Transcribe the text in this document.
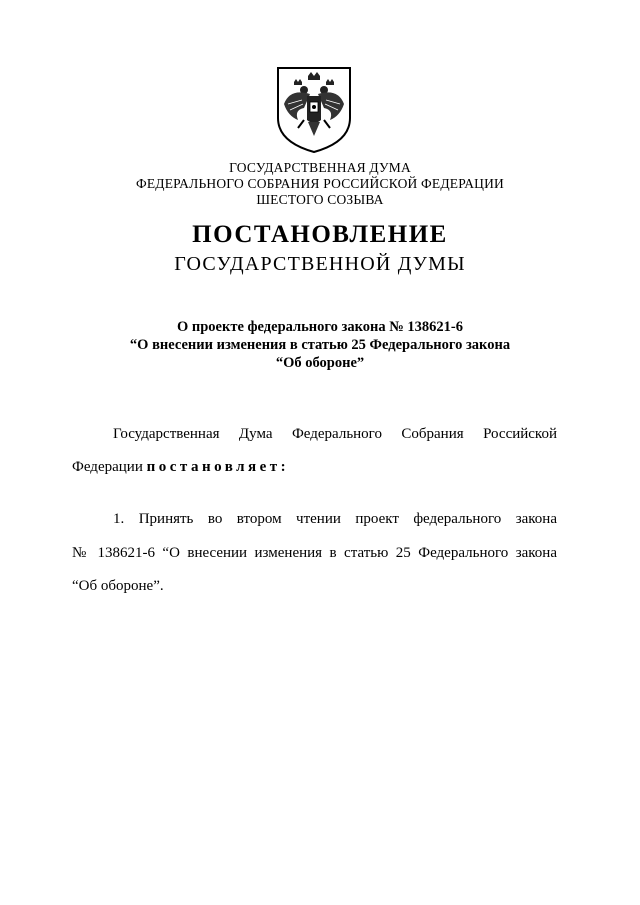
ГОСУДАРСТВЕННАЯ ДУМА
ФЕДЕРАЛЬНОГО СОБРАНИЯ РОССИЙСКОЙ ФЕДЕРАЦИИ
ШЕСТОГО СОЗЫВА
ПОСТАНОВЛЕНИЕ
ГОСУДАРСТВЕННОЙ ДУМЫ
О проекте федерального закона № 138621-6
“О внесении изменения в статью 25 Федерального закона
“Об обороне”
Государственная Дума Федерального Собрания Российской
Федерации постановляет:
1. Принять во втором чтении проект федерального закона
№ 138621-6 “О внесении изменения в статью 25 Федерального закона
“Об обороне”.
